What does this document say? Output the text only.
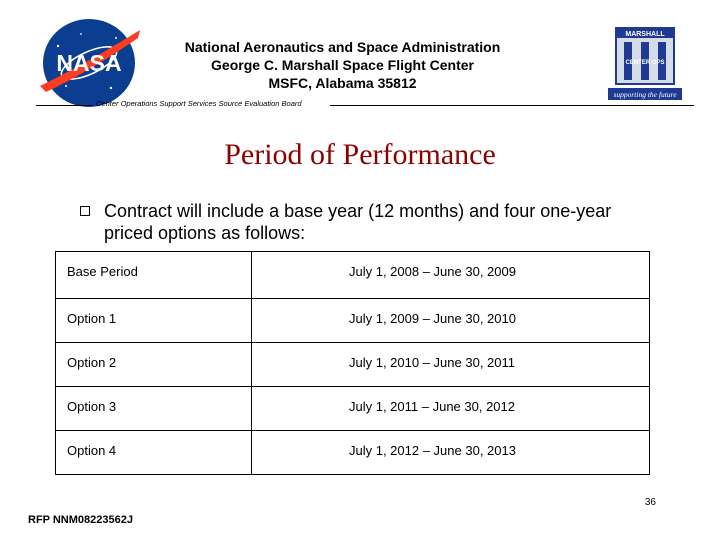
NASA
National Aeronautics and Space Administration
George C. Marshall Space Flight Center
MSFC, Alabama 35812
MARSHALL
CENTER OPS
supporting the future
Center Operations Support Services Source Evaluation Board
Period of Performance
Contract will include a base year (12 months) and four one-year priced options as follows:
Base Period	July 1, 2008 – June 30, 2009
Option 1	July 1, 2009 – June 30, 2010
Option 2	July 1, 2010 – June 30, 2011
Option 3	July 1, 2011 – June 30, 2012
Option 4	July 1, 2012 – June 30, 2013
36
RFP NNM08223562J
